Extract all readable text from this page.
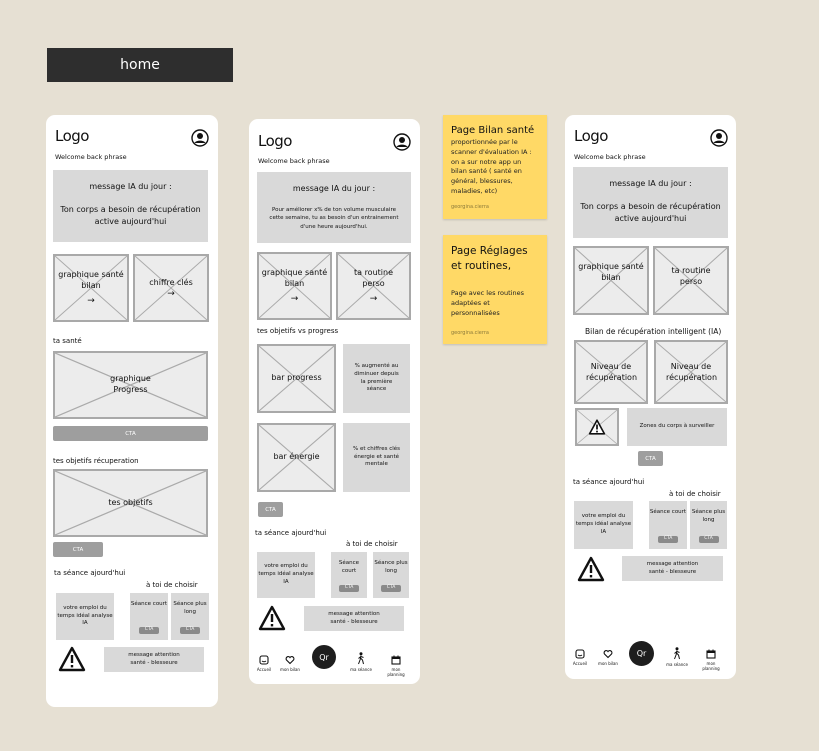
home
Logo
Welcome back phrase
message IA du jour :
Ton corps a besoin de récupération active aujourd'hui
graphique santé bilan
→
chiffre clés
→
ta santé
graphique Progress
CTA
tes objetifs récuperation
tes objetifs
CTA
ta séance ajourd'hui
à toi de choisir
votre emploi du temps idéal analyse IA
Séance court
CTA
Séance plus long
CTA
message attention santé - blesseure
Logo
Welcome back phrase
message IA du jour :
Pour améliorer x% de ton volume musculaire cette semaine, tu as besoin d'un entrainement d'une heure aujourd'hui.
graphique santé bilan
→
ta routine perso
→
tes objetifs vs progress
bar progress
% augmenté au diminuer depuis la première séance
bar énergie
% et chiffres clés énergie et santé mentale
CTA
ta séance ajourd'hui
à toi de choisir
votre emploi du temps idéal analyse IA
Séance court
CTA
Séance plus long
CTA
message attention santé - blesseure
Accueil	mon bilan
Qr
ma séance	mon planning
Page Bilan santé
proportionnée par le scanner d'évaluation IA : on a sur notre app un bilan santé ( santé en général, blessures, maladies, etc)
georgina.cierra
Page Réglages et routines,
Page avec les routines adaptées et personnalisées
georgina.cierra
Logo
Welcome back phrase
message IA du jour :
Ton corps a besoin de récupération active aujourd'hui
graphique santé bilan
ta routine perso
Bilan de récupération intelligent (IA)
Niveau de récupération
Niveau de récupération
Zones du corps à surveiller
CTA
ta séance ajourd'hui
à toi de choisir
votre emploi du temps idéal analyse IA
Séance court
CTA
Séance plus long
CTA
message attention santé - blesseure
Accueil	mon bilan
Qr
ma séance	mon planning
